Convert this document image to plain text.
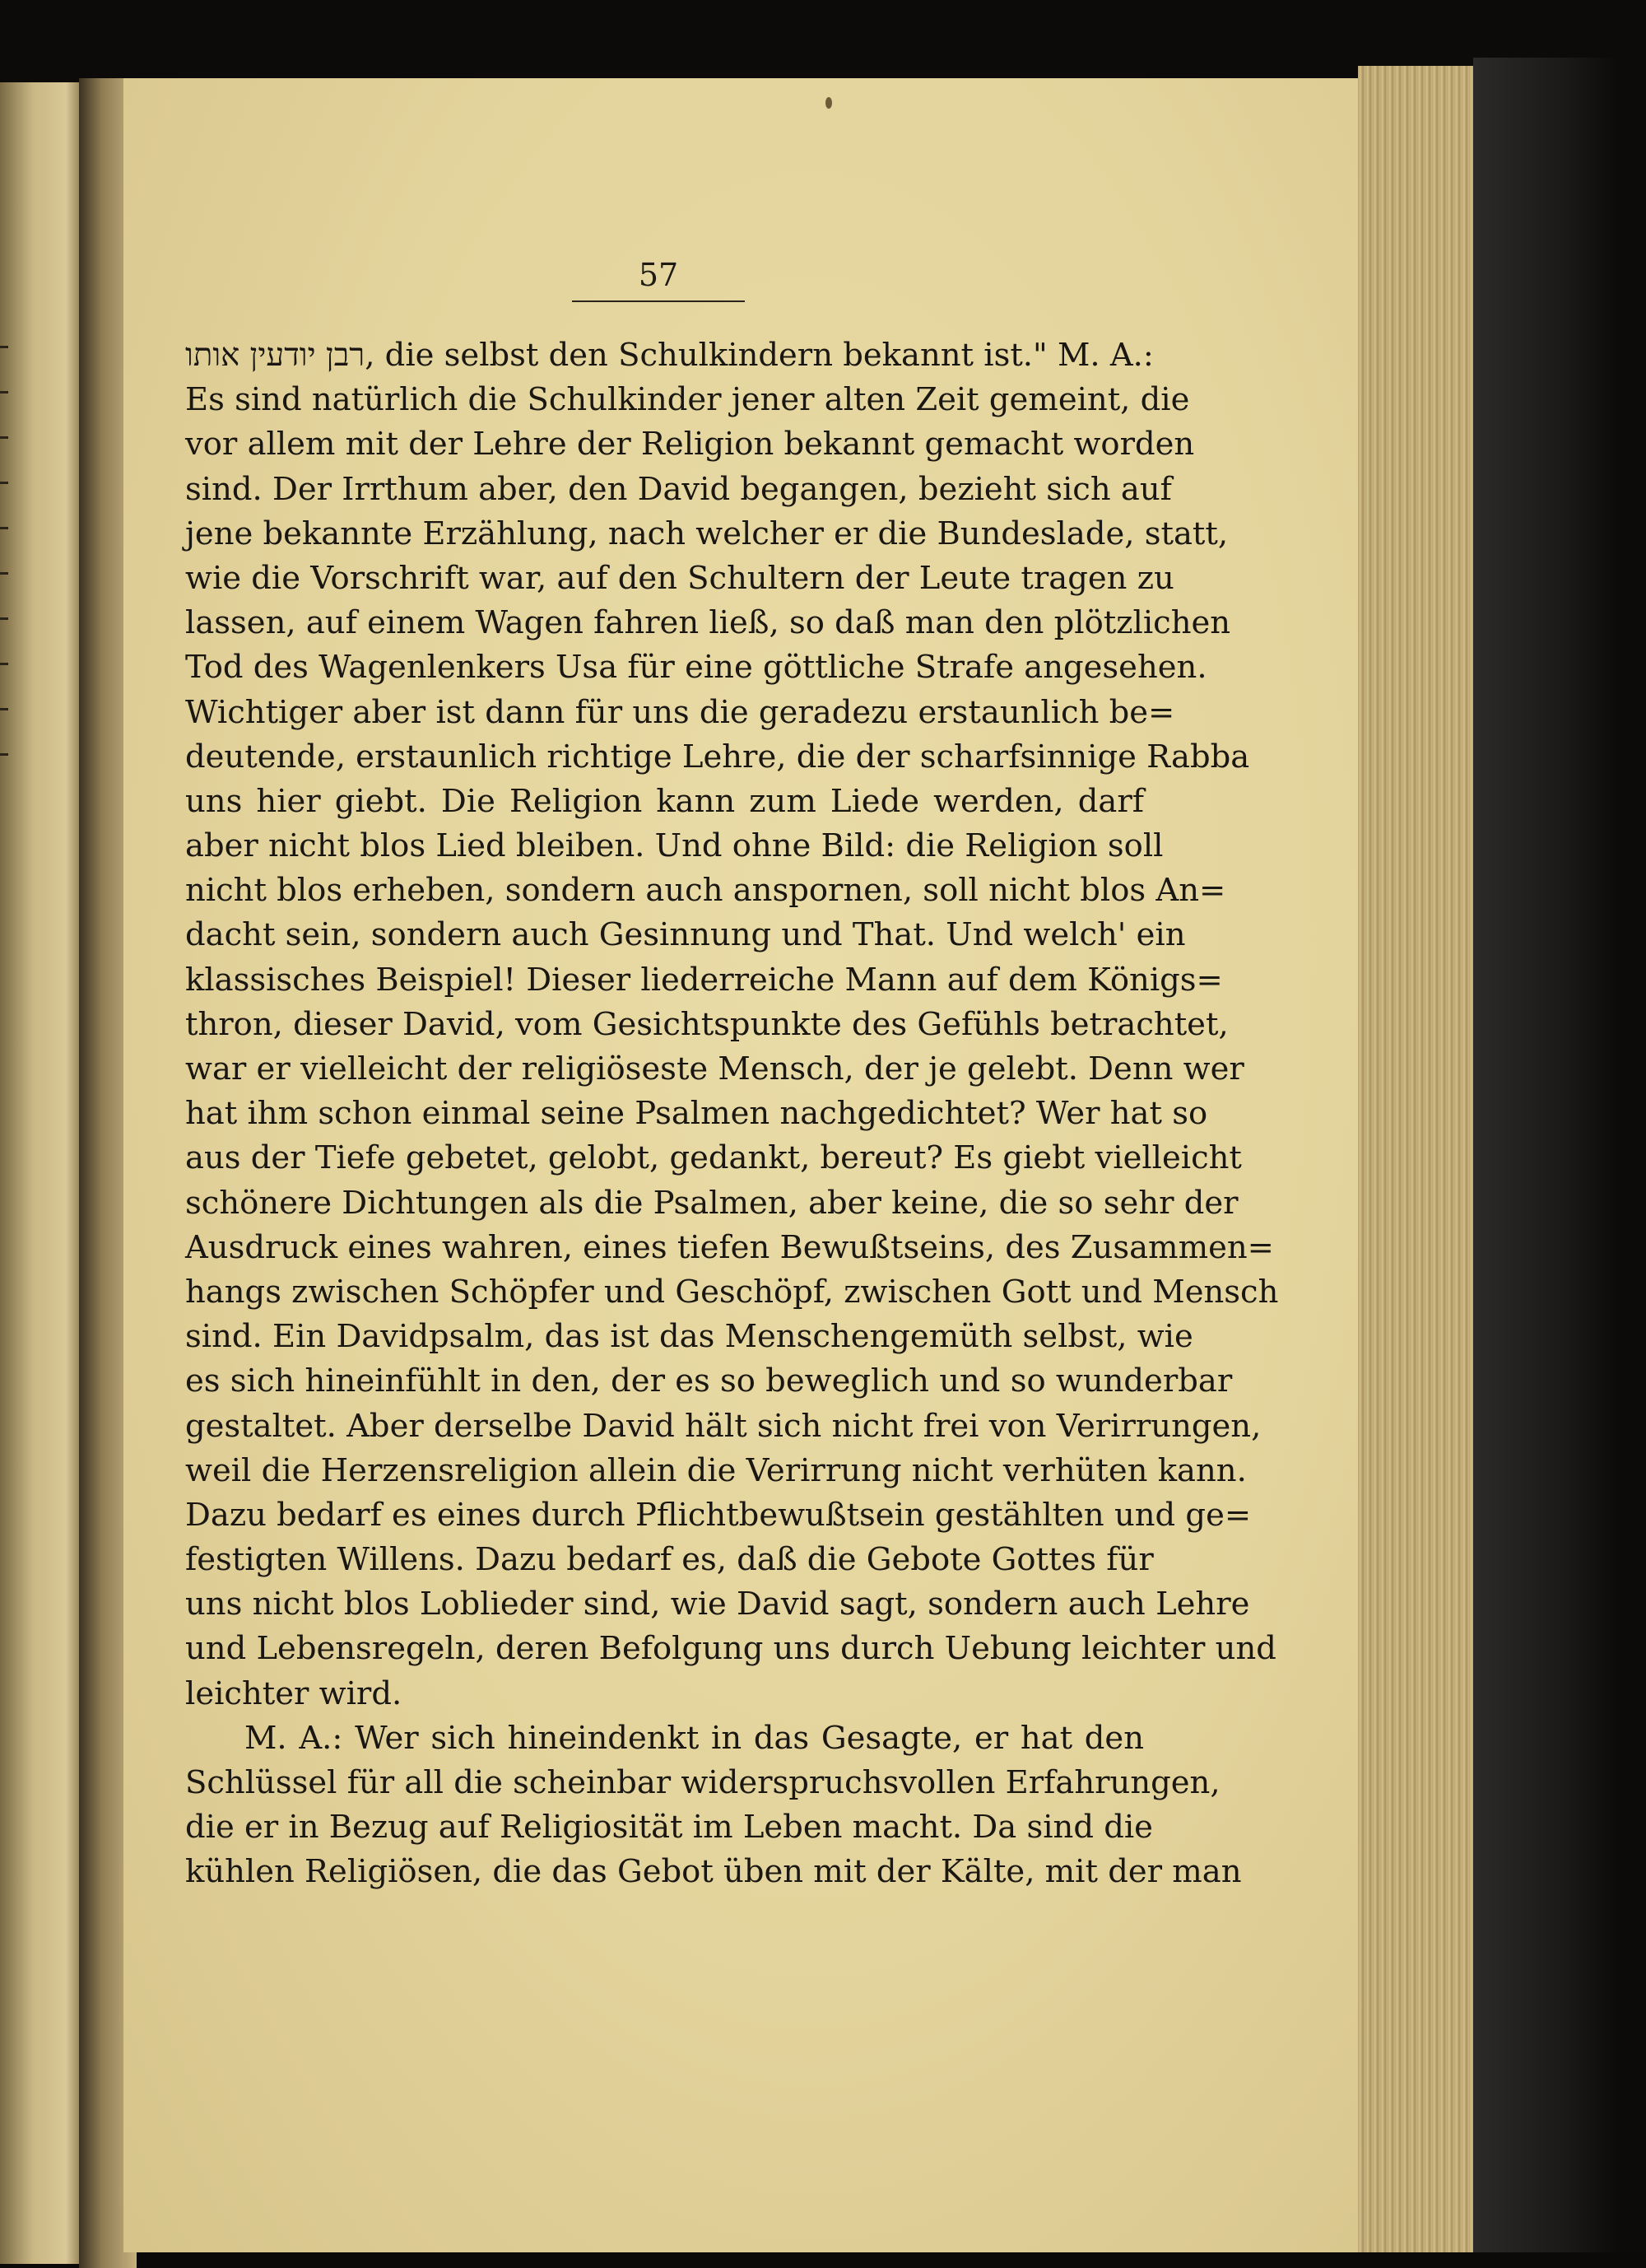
57
רבן יודעין אותו, die selbst den Schulkindern bekannt ist." M. A.:
Es sind natürlich die Schulkinder jener alten Zeit gemeint, die
vor allem mit der Lehre der Religion bekannt gemacht worden
sind. Der Irrthum aber, den David begangen, bezieht sich auf
jene bekannte Erzählung, nach welcher er die Bundeslade, statt,
wie die Vorschrift war, auf den Schultern der Leute tragen zu
lassen, auf einem Wagen fahren ließ, so daß man den plötzlichen
Tod des Wagenlenkers Usa für eine göttliche Strafe angesehen.
Wichtiger aber ist dann für uns die geradezu erstaunlich be=
deutende, erstaunlich richtige Lehre, die der scharfsinnige Rabba
uns hier giebt. Die Religion kann zum Liede werden, darf
aber nicht blos Lied bleiben. Und ohne Bild: die Religion soll
nicht blos erheben, sondern auch anspornen, soll nicht blos An=
dacht sein, sondern auch Gesinnung und That. Und welch' ein
klassisches Beispiel! Dieser liederreiche Mann auf dem Königs=
thron, dieser David, vom Gesichtspunkte des Gefühls betrachtet,
war er vielleicht der religiöseste Mensch, der je gelebt. Denn wer
hat ihm schon einmal seine Psalmen nachgedichtet? Wer hat so
aus der Tiefe gebetet, gelobt, gedankt, bereut? Es giebt vielleicht
schönere Dichtungen als die Psalmen, aber keine, die so sehr der
Ausdruck eines wahren, eines tiefen Bewußtseins, des Zusammen=
hangs zwischen Schöpfer und Geschöpf, zwischen Gott und Mensch
sind. Ein Davidpsalm, das ist das Menschengemüth selbst, wie
es sich hineinfühlt in den, der es so beweglich und so wunderbar
gestaltet. Aber derselbe David hält sich nicht frei von Verirrungen,
weil die Herzensreligion allein die Verirrung nicht verhüten kann.
Dazu bedarf es eines durch Pflichtbewußtsein gestählten und ge=
festigten Willens. Dazu bedarf es, daß die Gebote Gottes für
uns nicht blos Loblieder sind, wie David sagt, sondern auch Lehre
und Lebensregeln, deren Befolgung uns durch Uebung leichter und
leichter wird.
M. A.: Wer sich hineindenkt in das Gesagte, er hat den
Schlüssel für all die scheinbar widerspruchsvollen Erfahrungen,
die er in Bezug auf Religiosität im Leben macht. Da sind die
kühlen Religiösen, die das Gebot üben mit der Kälte, mit der man
